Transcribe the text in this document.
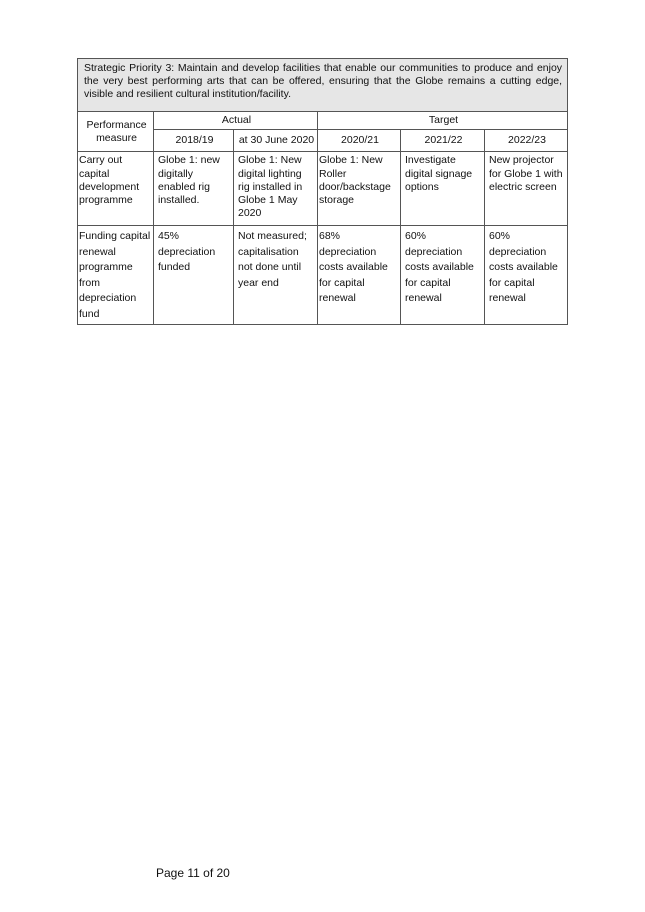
Strategic Priority 3: Maintain and develop facilities that enable our communities to produce and enjoy the very best performing arts that can be offered, ensuring that the Globe remains a cutting edge, visible and resilient cultural institution/facility.					
Performance measure	Actual		Target		
	2018/19	at 30 June 2020	2020/21	2021/22	2022/23
Carry out capital development programme	Globe 1: new digitally enabled rig installed.	Globe 1: New digital lighting rig installed in Globe 1 May 2020	Globe 1: New Roller door/backstage storage	Investigate digital signage options	New projector for Globe 1 with electric screen
Funding capital renewal programme from depreciation fund	45% depreciation funded	Not measured; capitalisation not done until year end	68% depreciation costs available for capital renewal	60% depreciation costs available for capital renewal	60% depreciation costs available for capital renewal
Page 11 of 20
